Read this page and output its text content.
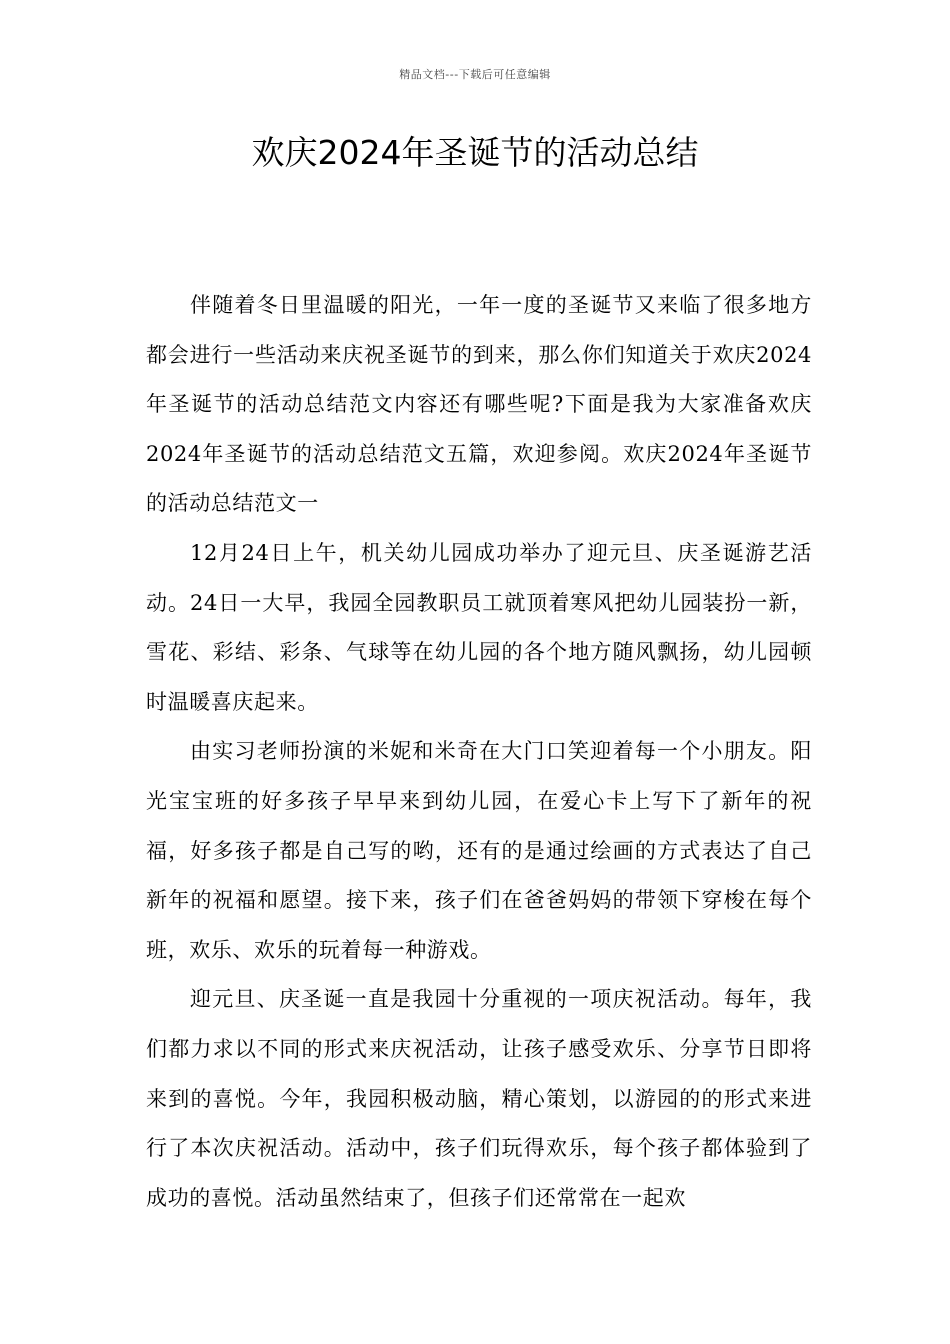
精品文档---下载后可任意编辑
欢庆2024年圣诞节的活动总结

伴随着冬日里温暖的阳光，一年一度的圣诞节又来临了很多地方都会进行一些活动来庆祝圣诞节的到来，那么你们知道关于欢庆2024年圣诞节的活动总结范文内容还有哪些呢?下面是我为大家准备欢庆2024年圣诞节的活动总结范文五篇，欢迎参阅。欢庆2024年圣诞节的活动总结范文一

12月24日上午，机关幼儿园成功举办了迎元旦、庆圣诞游艺活动。24日一大早，我园全园教职员工就顶着寒风把幼儿园装扮一新，雪花、彩结、彩条、气球等在幼儿园的各个地方随风飘扬，幼儿园顿时温暖喜庆起来。

由实习老师扮演的米妮和米奇在大门口笑迎着每一个小朋友。阳光宝宝班的好多孩子早早来到幼儿园，在爱心卡上写下了新年的祝福，好多孩子都是自己写的哟，还有的是通过绘画的方式表达了自己新年的祝福和愿望。接下来，孩子们在爸爸妈妈的带领下穿梭在每个班，欢乐、欢乐的玩着每一种游戏。

迎元旦、庆圣诞一直是我园十分重视的一项庆祝活动。每年，我们都力求以不同的形式来庆祝活动，让孩子感受欢乐、分享节日即将来到的喜悦。今年，我园积极动脑，精心策划，以游园的的形式来进行了本次庆祝活动。活动中，孩子们玩得欢乐，每个孩子都体验到了成功的喜悦。活动虽然结束了，但孩子们还常常在一起欢
